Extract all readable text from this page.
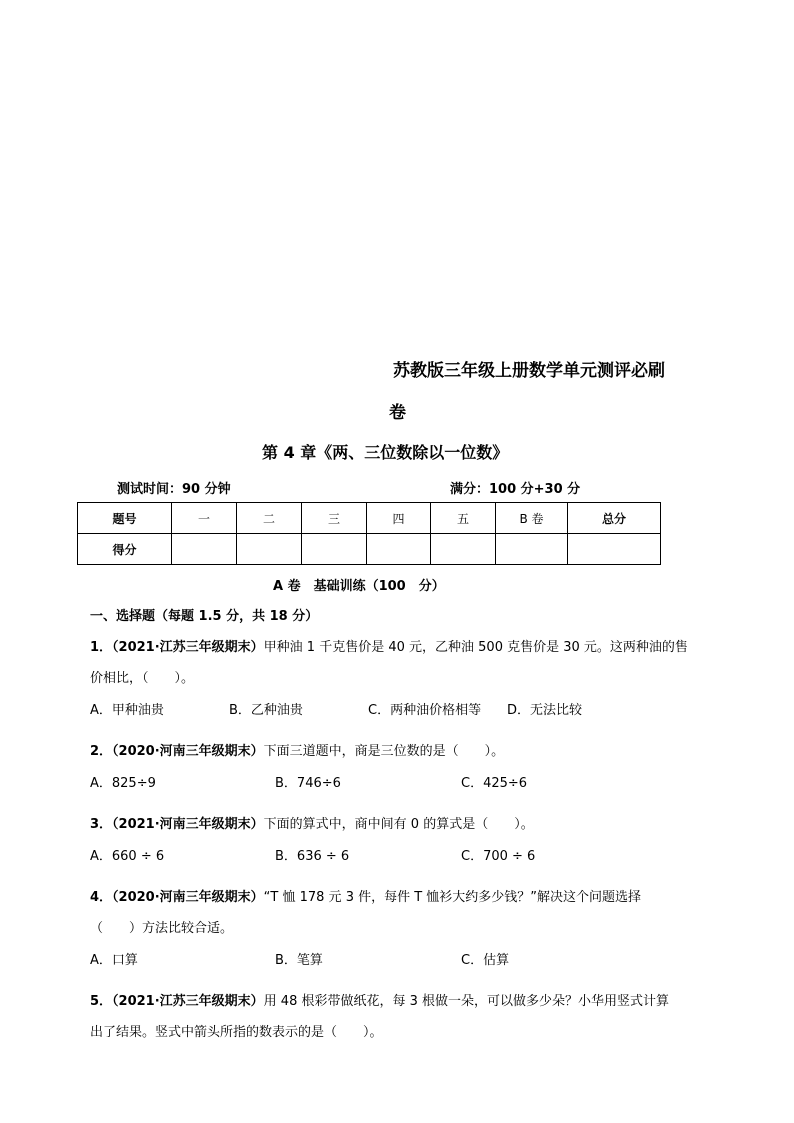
苏教版三年级上册数学单元测评必刷
卷
第 4 章《两、三位数除以一位数》
测试时间：90 分钟	满分：100 分+30 分
题号	一	二	三	四	五	B 卷	总分
得分							
A 卷　基础训练（100　分）
一、选择题（每题 1.5 分，共 18 分）
1．（2021·江苏三年级期末）甲种油 1 千克售价是 40 元，乙种油 500 克售价是 30 元。这两种油的售
价相比，（　　）。
A．甲种油贵	B．乙种油贵	C．两种油价格相等 D．无法比较
2．（2020·河南三年级期末）下面三道题中，商是三位数的是（　　）。
A．825÷9	B．746÷6	C．425÷6
3．（2021·河南三年级期末）下面的算式中，商中间有 0 的算式是（　　）。
A．660 ÷ 6	B．636 ÷ 6	C．700 ÷ 6
4．（2020·河南三年级期末）“T 恤 178 元 3 件，每件 T 恤衫大约多少钱？”解决这个问题选择
（　　）方法比较合适。
A．口算	B．笔算	C．估算
5．（2021·江苏三年级期末）用 48 根彩带做纸花，每 3 根做一朵，可以做多少朵？小华用竖式计算
出了结果。竖式中箭头所指的数表示的是（　　）。
